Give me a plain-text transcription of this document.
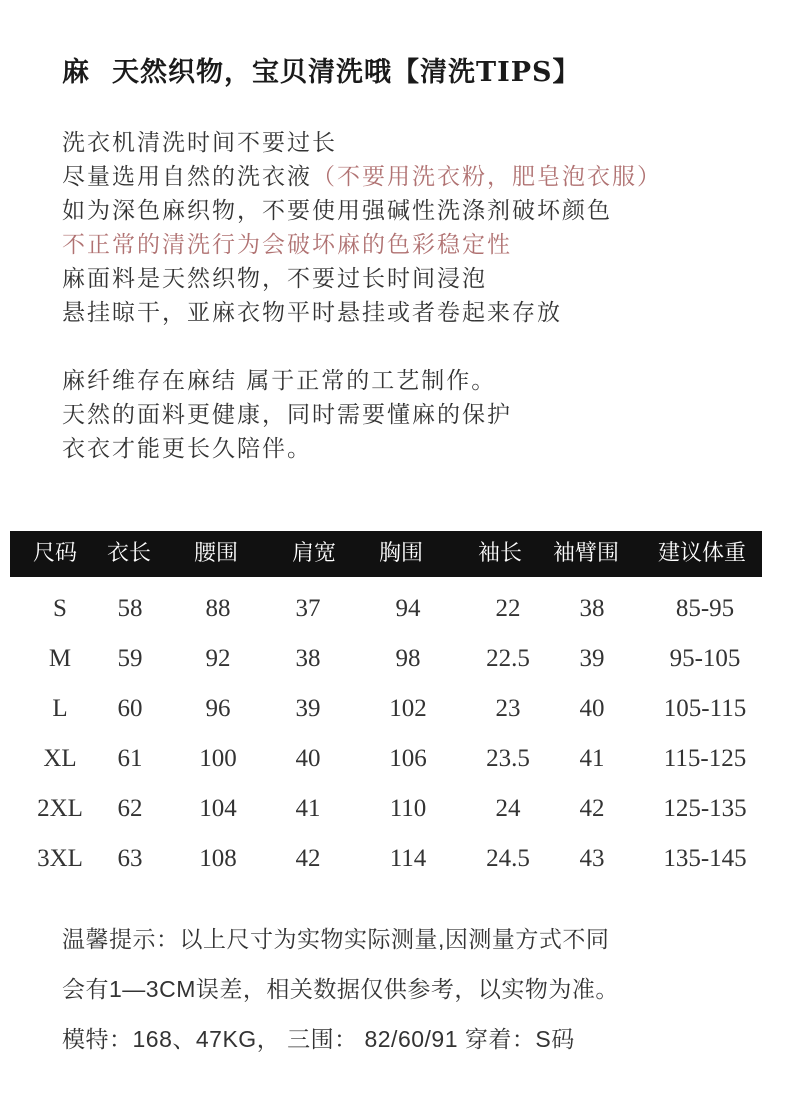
麻 天然织物，宝贝清洗哦【清洗TIPS】
洗衣机清洗时间不要过长
尽量选用自然的洗衣液（不要用洗衣粉，肥皂泡衣服）
如为深色麻织物，不要使用强碱性洗涤剂破坏颜色
不正常的清洗行为会破坏麻的色彩稳定性
麻面料是天然织物，不要过长时间浸泡
悬挂晾干，亚麻衣物平时悬挂或者卷起来存放
麻纤维存在麻结 属于正常的工艺制作。
天然的面料更健康，同时需要懂麻的保护
衣衣才能更长久陪伴。
尺码 衣长 腰围 肩宽 胸围 袖长 袖臂围 建议体重
S 58	88	37	94	22 38	85-95
M 59	92	38	98	22.5 39	95-105
L 60	96	39	102	23 40 105-115
XL 61 100 40	106 23.5 41 115-125
2XL 62 104 41	110	24 42 125-135
3XL 63 108 42	114 24.5 43 135-145
温馨提示：以上尺寸为实物实际测量,因测量方式不同
会有1—3CM误差，相关数据仅供参考，以实物为准。
模特：168、47KG， 三围： 82/60/91 穿着：S码
